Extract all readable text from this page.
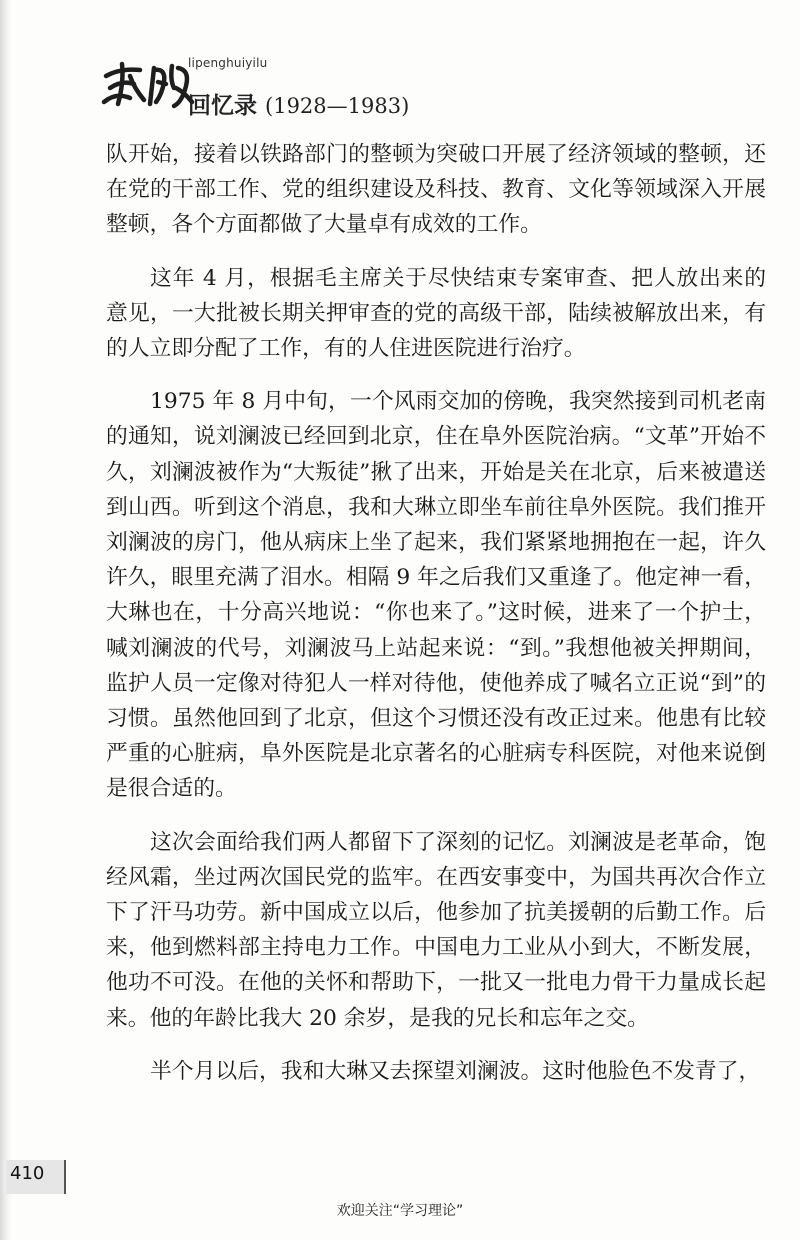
lipenghuiyilu
回忆录 (1928—1983)

队开始，接着以铁路部门的整顿为突破口开展了经济领域的整顿，还在党的干部工作、党的组织建设及科技、教育、文化等领域深入开展整顿，各个方面都做了大量卓有成效的工作。

这年 4 月，根据毛主席关于尽快结束专案审查、把人放出来的意见，一大批被长期关押审查的党的高级干部，陆续被解放出来，有的人立即分配了工作，有的人住进医院进行治疗。

1975 年 8 月中旬，一个风雨交加的傍晚，我突然接到司机老南的通知，说刘澜波已经回到北京，住在阜外医院治病。“文革”开始不久，刘澜波被作为“大叛徒”揪了出来，开始是关在北京，后来被遣送到山西。听到这个消息，我和大琳立即坐车前往阜外医院。我们推开刘澜波的房门，他从病床上坐了起来，我们紧紧地拥抱在一起，许久许久，眼里充满了泪水。相隔 9 年之后我们又重逢了。他定神一看，大琳也在，十分高兴地说：“你也来了。”这时候，进来了一个护士，喊刘澜波的代号，刘澜波马上站起来说：“到。”我想他被关押期间，监护人员一定像对待犯人一样对待他，使他养成了喊名立正说“到”的习惯。虽然他回到了北京，但这个习惯还没有改正过来。他患有比较严重的心脏病，阜外医院是北京著名的心脏病专科医院，对他来说倒是很合适的。

这次会面给我们两人都留下了深刻的记忆。刘澜波是老革命，饱经风霜，坐过两次国民党的监牢。在西安事变中，为国共再次合作立下了汗马功劳。新中国成立以后，他参加了抗美援朝的后勤工作。后来，他到燃料部主持电力工作。中国电力工业从小到大，不断发展，他功不可没。在他的关怀和帮助下，一批又一批电力骨干力量成长起来。他的年龄比我大 20 余岁，是我的兄长和忘年之交。

半个月以后，我和大琳又去探望刘澜波。这时他脸色不发青了，

410
欢迎关注“学习理论”
